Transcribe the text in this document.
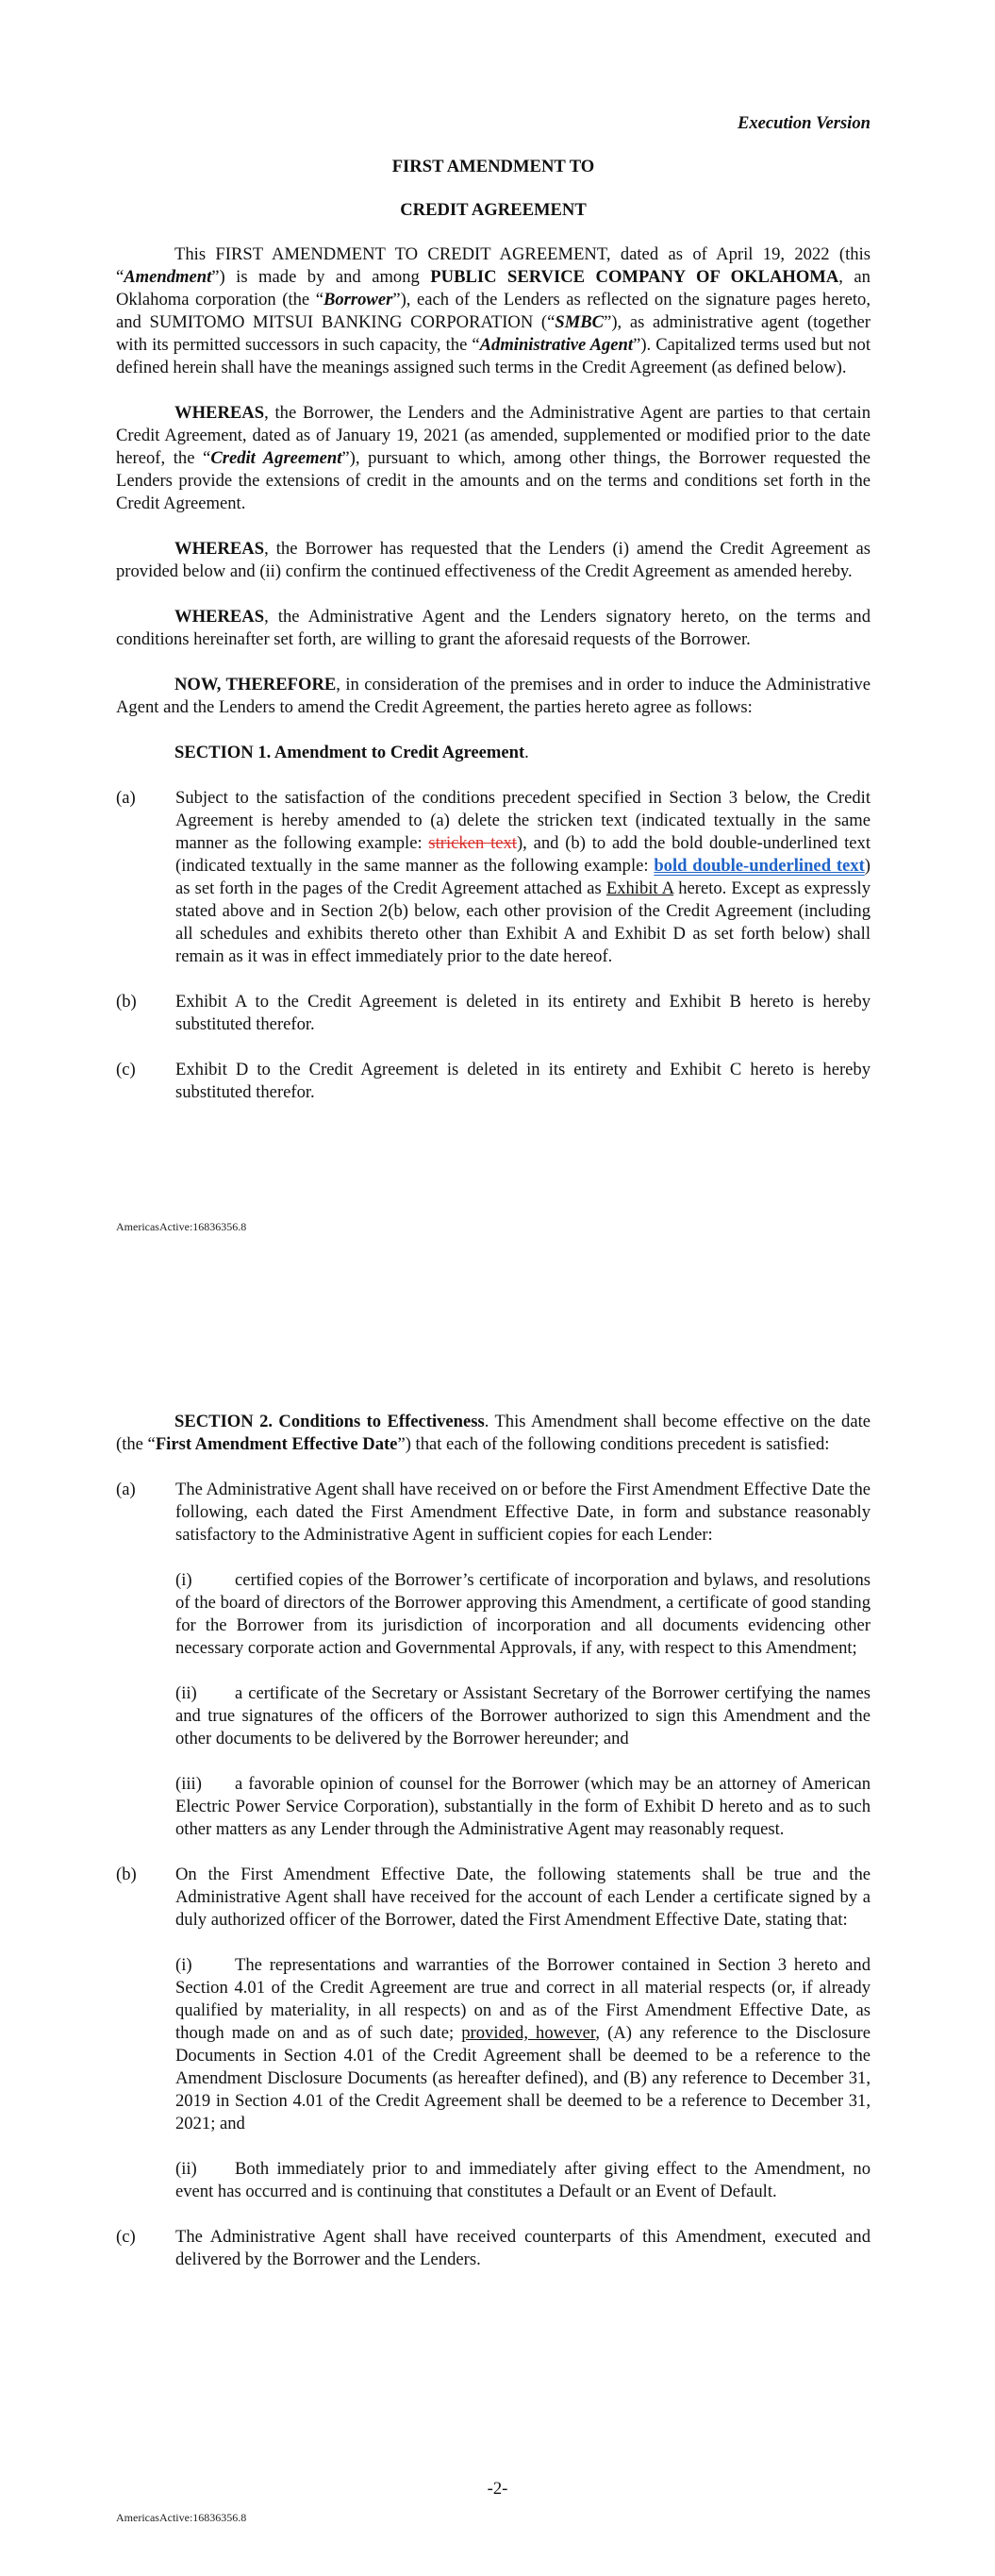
Execution Version
FIRST AMENDMENT TO
CREDIT AGREEMENT

This FIRST AMENDMENT TO CREDIT AGREEMENT, dated as of April 19, 2022 (this “Amendment”) is made by and among PUBLIC SERVICE COMPANY OF OKLAHOMA, an Oklahoma corporation (the “Borrower”), each of the Lenders as reflected on the signature pages hereto, and SUMITOMO MITSUI BANKING CORPORATION (“SMBC”), as administrative agent (together with its permitted successors in such capacity, the “Administrative Agent”). Capitalized terms used but not defined herein shall have the meanings assigned such terms in the Credit Agreement (as defined below).

WHEREAS, the Borrower, the Lenders and the Administrative Agent are parties to that certain Credit Agreement, dated as of January 19, 2021 (as amended, supplemented or modified prior to the date hereof, the “Credit Agreement”), pursuant to which, among other things, the Borrower requested the Lenders provide the extensions of credit in the amounts and on the terms and conditions set forth in the Credit Agreement.

WHEREAS, the Borrower has requested that the Lenders (i) amend the Credit Agreement as provided below and (ii) confirm the continued effectiveness of the Credit Agreement as amended hereby.

WHEREAS, the Administrative Agent and the Lenders signatory hereto, on the terms and conditions hereinafter set forth, are willing to grant the aforesaid requests of the Borrower.

NOW, THEREFORE, in consideration of the premises and in order to induce the Administrative Agent and the Lenders to amend the Credit Agreement, the parties hereto agree as follows:

SECTION 1. Amendment to Credit Agreement.

(a) Subject to the satisfaction of the conditions precedent specified in Section 3 below, the Credit Agreement is hereby amended to (a) delete the stricken text (indicated textually in the same manner as the following example: stricken text), and (b) to add the bold double-underlined text (indicated textually in the same manner as the following example: bold double-underlined text) as set forth in the pages of the Credit Agreement attached as Exhibit A hereto. Except as expressly stated above and in Section 2(b) below, each other provision of the Credit Agreement (including all schedules and exhibits thereto other than Exhibit A and Exhibit D as set forth below) shall remain as it was in effect immediately prior to the date hereof.

(b) Exhibit A to the Credit Agreement is deleted in its entirety and Exhibit B hereto is hereby substituted therefor.

(c) Exhibit D to the Credit Agreement is deleted in its entirety and Exhibit C hereto is hereby substituted therefor.

AmericasActive:16836356.8

SECTION 2. Conditions to Effectiveness. This Amendment shall become effective on the date (the “First Amendment Effective Date”) that each of the following conditions precedent is satisfied:

(a) The Administrative Agent shall have received on or before the First Amendment Effective Date the following, each dated the First Amendment Effective Date, in form and substance reasonably satisfactory to the Administrative Agent in sufficient copies for each Lender:

(i) certified copies of the Borrower’s certificate of incorporation and bylaws, and resolutions of the board of directors of the Borrower approving this Amendment, a certificate of good standing for the Borrower from its jurisdiction of incorporation and all documents evidencing other necessary corporate action and Governmental Approvals, if any, with respect to this Amendment;

(ii) a certificate of the Secretary or Assistant Secretary of the Borrower certifying the names and true signatures of the officers of the Borrower authorized to sign this Amendment and the other documents to be delivered by the Borrower hereunder; and

(iii) a favorable opinion of counsel for the Borrower (which may be an attorney of American Electric Power Service Corporation), substantially in the form of Exhibit D hereto and as to such other matters as any Lender through the Administrative Agent may reasonably request.

(b) On the First Amendment Effective Date, the following statements shall be true and the Administrative Agent shall have received for the account of each Lender a certificate signed by a duly authorized officer of the Borrower, dated the First Amendment Effective Date, stating that:

(i) The representations and warranties of the Borrower contained in Section 3 hereto and Section 4.01 of the Credit Agreement are true and correct in all material respects (or, if already qualified by materiality, in all respects) on and as of the First Amendment Effective Date, as though made on and as of such date; provided, however, (A) any reference to the Disclosure Documents in Section 4.01 of the Credit Agreement shall be deemed to be a reference to the Amendment Disclosure Documents (as hereafter defined), and (B) any reference to December 31, 2019 in Section 4.01 of the Credit Agreement shall be deemed to be a reference to December 31, 2021; and

(ii) Both immediately prior to and immediately after giving effect to the Amendment, no event has occurred and is continuing that constitutes a Default or an Event of Default.

(c) The Administrative Agent shall have received counterparts of this Amendment, executed and delivered by the Borrower and the Lenders.

-2-
AmericasActive:16836356.8
